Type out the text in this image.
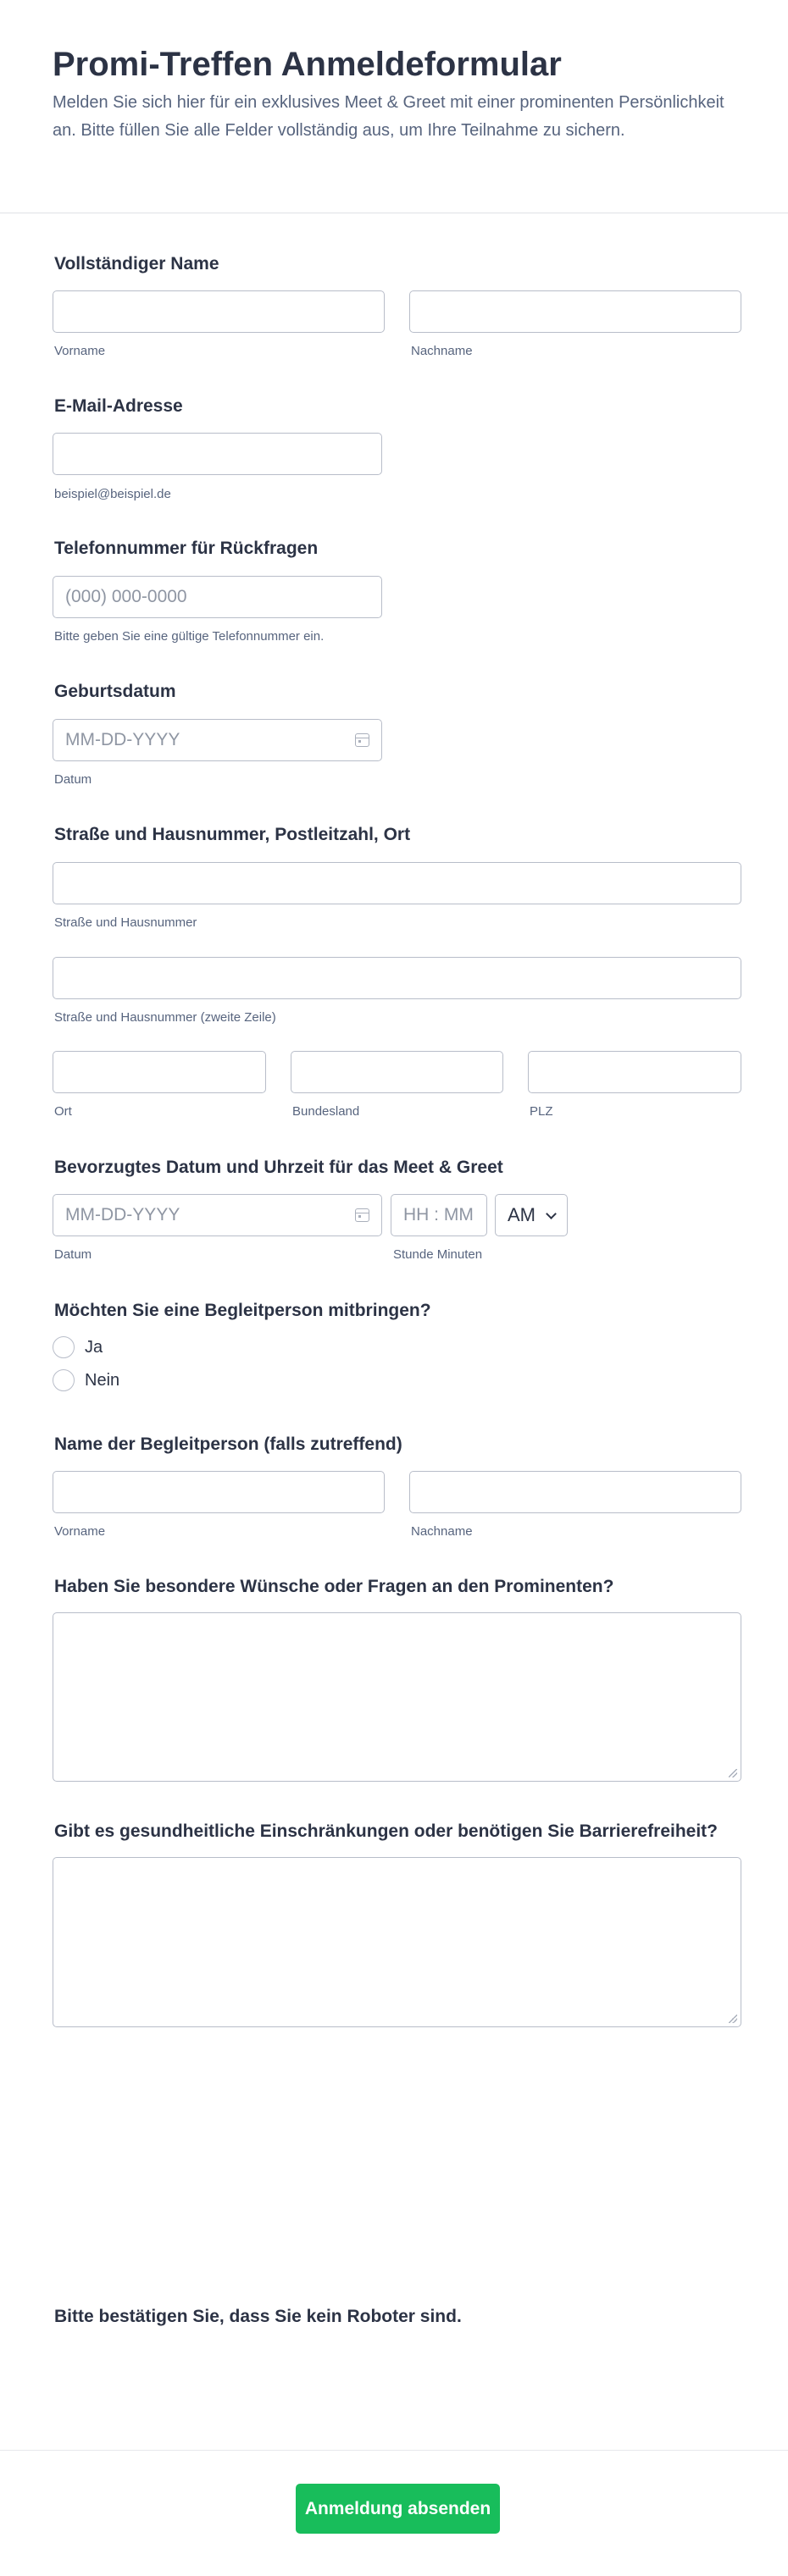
Promi-Treffen Anmeldeformular

Melden Sie sich hier für ein exklusives Meet & Greet mit einer prominenten Persönlichkeit an. Bitte füllen Sie alle Felder vollständig aus, um Ihre Teilnahme zu sichern.

Vollständiger Name
Vorname	Nachname
E-Mail-Adresse
beispiel@beispiel.de
Telefonnummer für Rückfragen
(000) 000-0000
Bitte geben Sie eine gültige Telefonnummer ein.
Geburtsdatum
MM-DD-YYYY
Datum
Straße und Hausnummer, Postleitzahl, Ort
Straße und Hausnummer
Straße und Hausnummer (zweite Zeile)
Ort	Bundesland	PLZ
Bevorzugtes Datum und Uhrzeit für das Meet & Greet
MM-DD-YYYY
HH : MM
AM
Datum	Stunde Minuten
Möchten Sie eine Begleitperson mitbringen?
Ja
Nein
Name der Begleitperson (falls zutreffend)
Vorname	Nachname
Haben Sie besondere Wünsche oder Fragen an den Prominenten?
Gibt es gesundheitliche Einschränkungen oder benötigen Sie Barrierefreiheit?
Bitte bestätigen Sie, dass Sie kein Roboter sind.
Anmeldung absenden
